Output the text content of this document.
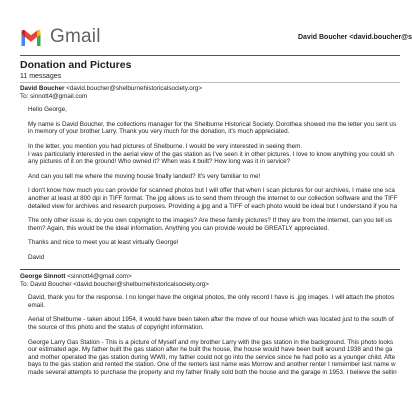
Gmail	David Boucher <david.boucher@s
Donation and Pictures
11 messages
David Boucher <david.boucher@shelburnehistoricalsociety.org>
To: sinnott4@gmail.com

Hello George,

My name is David Boucher, the collections manager for the Shelburne Historical Society. Dorothea showed me the letter you sent us
in memory of your brother Larry. Thank you very much for the donation, it's much appreciated.

In the letter, you mention you had pictures of Shelburne. I would be very interested in seeing them.
I was particularly interested in the aerial view of the gas station as I've seen it in other pictures. I love to know anything you could sh
any pictures of it on the ground! Who owned it? When was it built? How long was it in service?

And can you tell me where the moving house finally landed? It's very familiar to me!

I don't know how much you can provide for scanned photos but I will offer that when I scan pictures for our archives, I make one sca
another at least at 800 dpi in TIFF format. The jpg allows us to send them through the internet to our collection software and the TIFF
detailed view for archives and research purposes. Providing a jpg and a TIFF of each photo would be ideal but I understand if you ha

The only other issue is, do you own copyright to the images? Are these family pictures? If they are from the internet, can you tell us
them? Again, this would be the ideal information. Anything you can provide would be GREATLY appreciated.

Thanks and nice to meet you at least virtually George!

David

George Sinnott <sinnott4@gmail.com>
To: David Boucher <david.boucher@shelburnehistoricalsociety.org>

David, thank you for the response. I no longer have the original photos, the only record I have is .jpg images. I will attach the photos
email.

Aerial of Shelburne - taken about 1954, it would have been taken after the move of our house which was located just to the south of
the source of this photo and the status of copyright information.

George Larry Gas Station - This is a picture of Myself and my brother Larry with the gas station in the background. This photo looks
our estimated age. My father built the gas station after he built the house, the house would have been built around 1938 and the ga
and mother operated the gas station during WWII, my father could not go into the service since he had polio as a younger child. Afte
bays to the gas station and rented the station. One of the renters last name was Morrow and another renter I remember last name w
made several attempts to purchase the property and my father finally sold both the house and the garage in 1953. I believe the sellin
